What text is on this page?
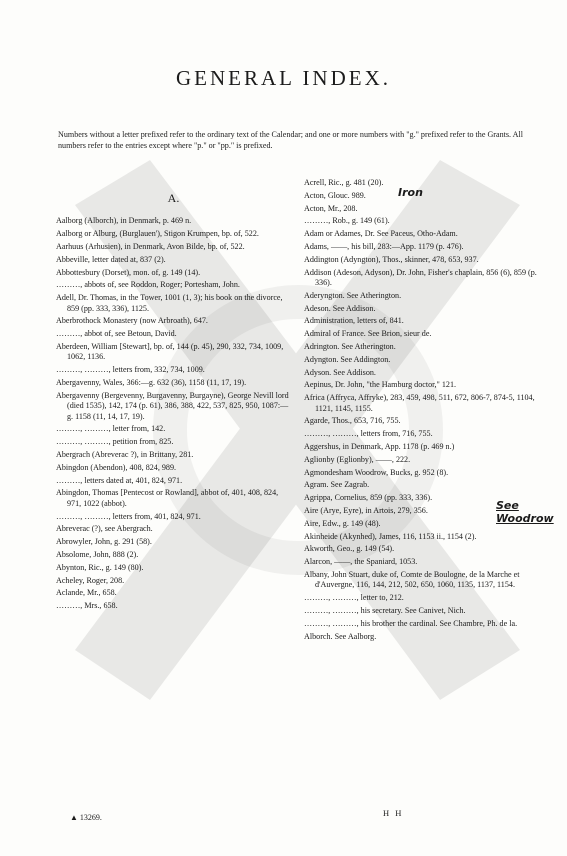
GENERAL INDEX.
Numbers without a letter prefixed refer to the ordinary text of the Calendar; and one or more numbers with "g." prefixed refer to the Grants. All numbers refer to the entries except where "p." or "pp." is prefixed.
A.
Aalborg (Alborch), in Denmark, p. 469 n.
Aalborg or Alburg, (Burglauen'), Stigon Krumpen, bp. of, 522.
Aarhuus (Arhusien), in Denmark, Avon Bilde, bp. of, 522.
Abbeville, letter dated at, 837 (2).
Abbottesbury (Dorset), mon. of, g. 149 (14).
………, abbots of, see Roddon, Roger; Portesham, John.
Adell, Dr. Thomas, in the Tower, 1001 (1, 3); his book on the divorce, 859 (pp. 333, 336), 1125.
Aberbrothock Monastery (now Arbroath), 647.
………, abbot of, see Betoun, David.
Aberdeen, William [Stewart], bp. of, 144 (p. 45), 290, 332, 734, 1009, 1062, 1136.
………, ………, letters from, 332, 734, 1009.
Abergavenny, Wales, 366:—g. 632 (36), 1158 (11, 17, 19).
Abergavenny (Bergevenny, Burgavenny, Burgayne), George Nevill lord (died 1535), 142, 174 (p. 61), 386, 388, 422, 537, 825, 950, 1087:—g. 1158 (11, 14, 17, 19).
………, ………, letter from, 142.
………, ………, petition from, 825.
Abergrach (Abreverac ?), in Brittany, 281.
Abingdon (Abendon), 408, 824, 989.
………, letters dated at, 401, 824, 971.
Abingdon, Thomas [Pentecost or Rowland], abbot of, 401, 408, 824, 971, 1022 (abbot).
………, ………, letters from, 401, 824, 971.
Abreverac (?), see Abergrach.
Abrowyler, John, g. 291 (58).
Absolome, John, 888 (2).
Abynton, Ric., g. 149 (80).
Acheley, Roger, 208.
Aclande, Mr., 658.
………, Mrs., 658.
Acrell, Ric., g. 481 (20).
Acton, Glouc. 989.
Acton, Mr., 208.
………, Rob., g. 149 (61).
Adam or Adames, Dr. See Paceus, Otho-Adam.
Adams, ——, his bill, 283:—App. 1179 (p. 476).
Addington (Adyngton), Thos., skinner, 478, 653, 937.
Addison (Adeson, Adyson), Dr. John, Fisher's chaplain, 856 (6), 859 (p. 336).
Aderyngton. See Atherington.
Adeson. See Addison.
Administration, letters of, 841.
Admiral of France. See Brion, sieur de.
Adrington. See Atherington.
Adyngton. See Addington.
Adyson. See Addison.
Aepinus, Dr. John, "the Hamburg doctor," 121.
Africa (Affryca, Affryke), 283, 459, 498, 511, 672, 806-7, 874-5, 1104, 1121, 1145, 1155.
Agarde, Thos., 653, 716, 755.
………, ………, letters from, 716, 755.
Aggershus, in Denmark, App. 1178 (p. 469 n.)
Aglionby (Eglionby), ——, 222.
Agmondesham Woodrow, Bucks, g. 952 (8).
Agram. See Zagrab.
Agrippa, Cornelius, 859 (pp. 333, 336).
Aire (Arye, Eyre), in Artois, 279, 356.
Aire, Edw., g. 149 (48).
Akinheide (Akynhed), James, 116, 1153 ii., 1154 (2).
Akworth, Geo., g. 149 (54).
Alarcon, ——, the Spaniard, 1053.
Albany, John Stuart, duke of, Comte de Boulogne, de la Marche et d'Auvergne, 116, 144, 212, 502, 650, 1060, 1135, 1137, 1154.
………, ………, letter to, 212.
………, ………, his secretary. See Canivet, Nich.
………, ………, his brother the cardinal. See Chambre, Ph. de la.
Alborch. See Aalborg.
Iron
See Woodrow
▲ 13269.	H H
